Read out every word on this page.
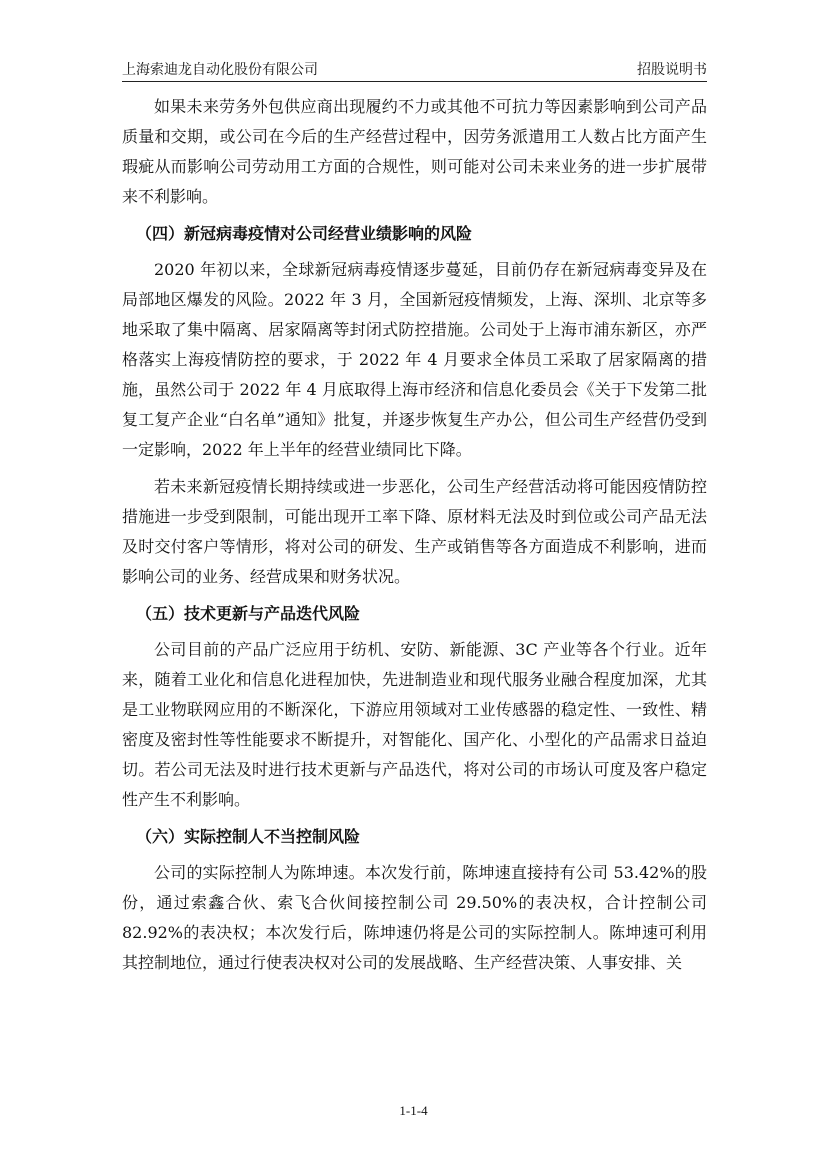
上海索迪龙自动化股份有限公司	招股说明书

如果未来劳务外包供应商出现履约不力或其他不可抗力等因素影响到公司产品质量和交期，或公司在今后的生产经营过程中，因劳务派遣用工人数占比方面产生瑕疵从而影响公司劳动用工方面的合规性，则可能对公司未来业务的进一步扩展带来不利影响。

（四）新冠病毒疫情对公司经营业绩影响的风险

2020 年初以来，全球新冠病毒疫情逐步蔓延，目前仍存在新冠病毒变异及在局部地区爆发的风险。2022 年 3 月，全国新冠疫情频发，上海、深圳、北京等多地采取了集中隔离、居家隔离等封闭式防控措施。公司处于上海市浦东新区，亦严格落实上海疫情防控的要求，于 2022 年 4 月要求全体员工采取了居家隔离的措施，虽然公司于 2022 年 4 月底取得上海市经济和信息化委员会《关于下发第二批复工复产企业“白名单”通知》批复，并逐步恢复生产办公，但公司生产经营仍受到一定影响，2022 年上半年的经营业绩同比下降。

若未来新冠疫情长期持续或进一步恶化，公司生产经营活动将可能因疫情防控措施进一步受到限制，可能出现开工率下降、原材料无法及时到位或公司产品无法及时交付客户等情形，将对公司的研发、生产或销售等各方面造成不利影响，进而影响公司的业务、经营成果和财务状况。

（五）技术更新与产品迭代风险

公司目前的产品广泛应用于纺机、安防、新能源、3C 产业等各个行业。近年来，随着工业化和信息化进程加快，先进制造业和现代服务业融合程度加深，尤其是工业物联网应用的不断深化，下游应用领域对工业传感器的稳定性、一致性、精密度及密封性等性能要求不断提升，对智能化、国产化、小型化的产品需求日益迫切。若公司无法及时进行技术更新与产品迭代，将对公司的市场认可度及客户稳定性产生不利影响。

（六）实际控制人不当控制风险

公司的实际控制人为陈坤速。本次发行前，陈坤速直接持有公司 53.42%的股份，通过索鑫合伙、索飞合伙间接控制公司 29.50%的表决权，合计控制公司 82.92%的表决权；本次发行后，陈坤速仍将是公司的实际控制人。陈坤速可利用其控制地位，通过行使表决权对公司的发展战略、生产经营决策、人事安排、关

1-1-4
